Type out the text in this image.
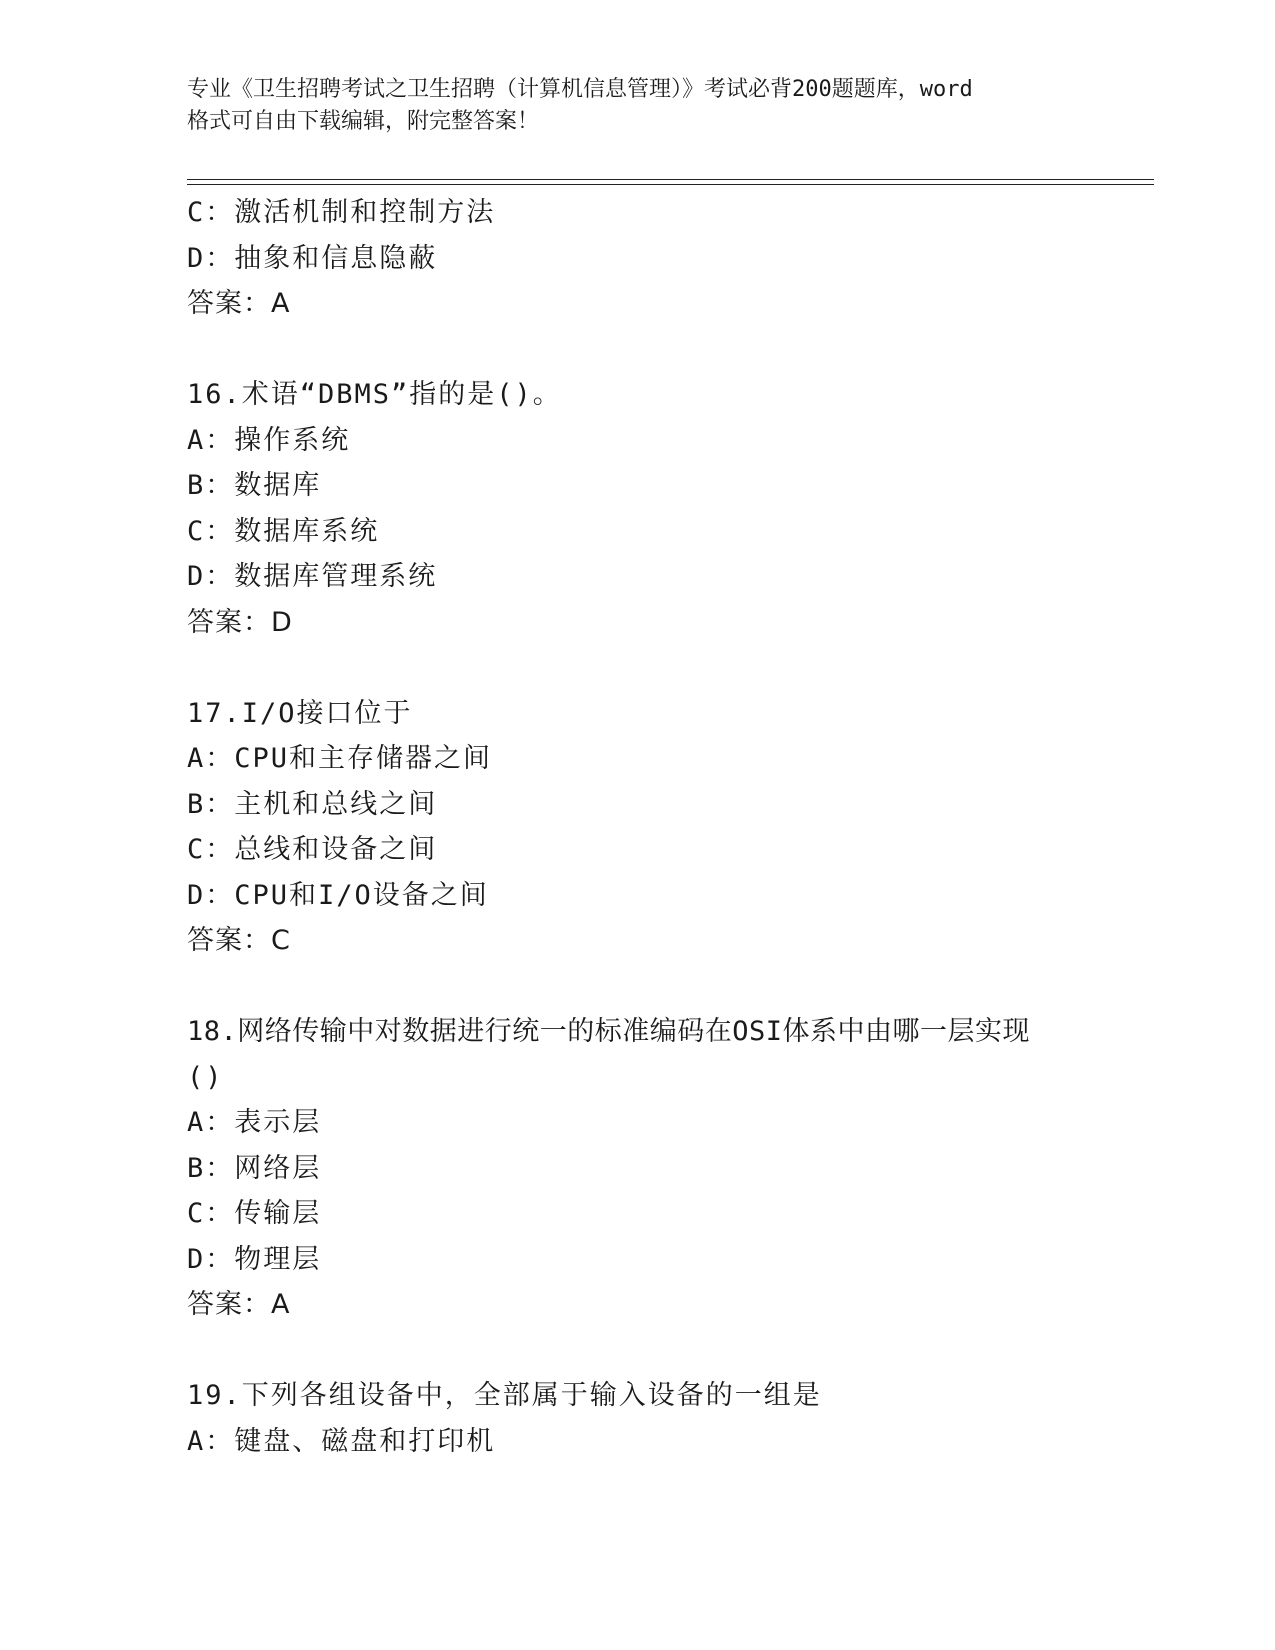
专业《卫生招聘考试之卫生招聘（计算机信息管理）》考试必背200题题库，word
格式可自由下载编辑，附完整答案！
C：激活机制和控制方法
D：抽象和信息隐蔽
答案：A
16.术语“DBMS”指的是()。
A：操作系统
B：数据库
C：数据库系统
D：数据库管理系统
答案：D
17.I/O接口位于
A：CPU和主存储器之间
B：主机和总线之间
C：总线和设备之间
D：CPU和I/O设备之间
答案：C
18.网络传输中对数据进行统一的标准编码在OSI体系中由哪一层实现
()
A：表示层
B：网络层
C：传输层
D：物理层
答案：A
19.下列各组设备中，全部属于输入设备的一组是
A：键盘、磁盘和打印机
